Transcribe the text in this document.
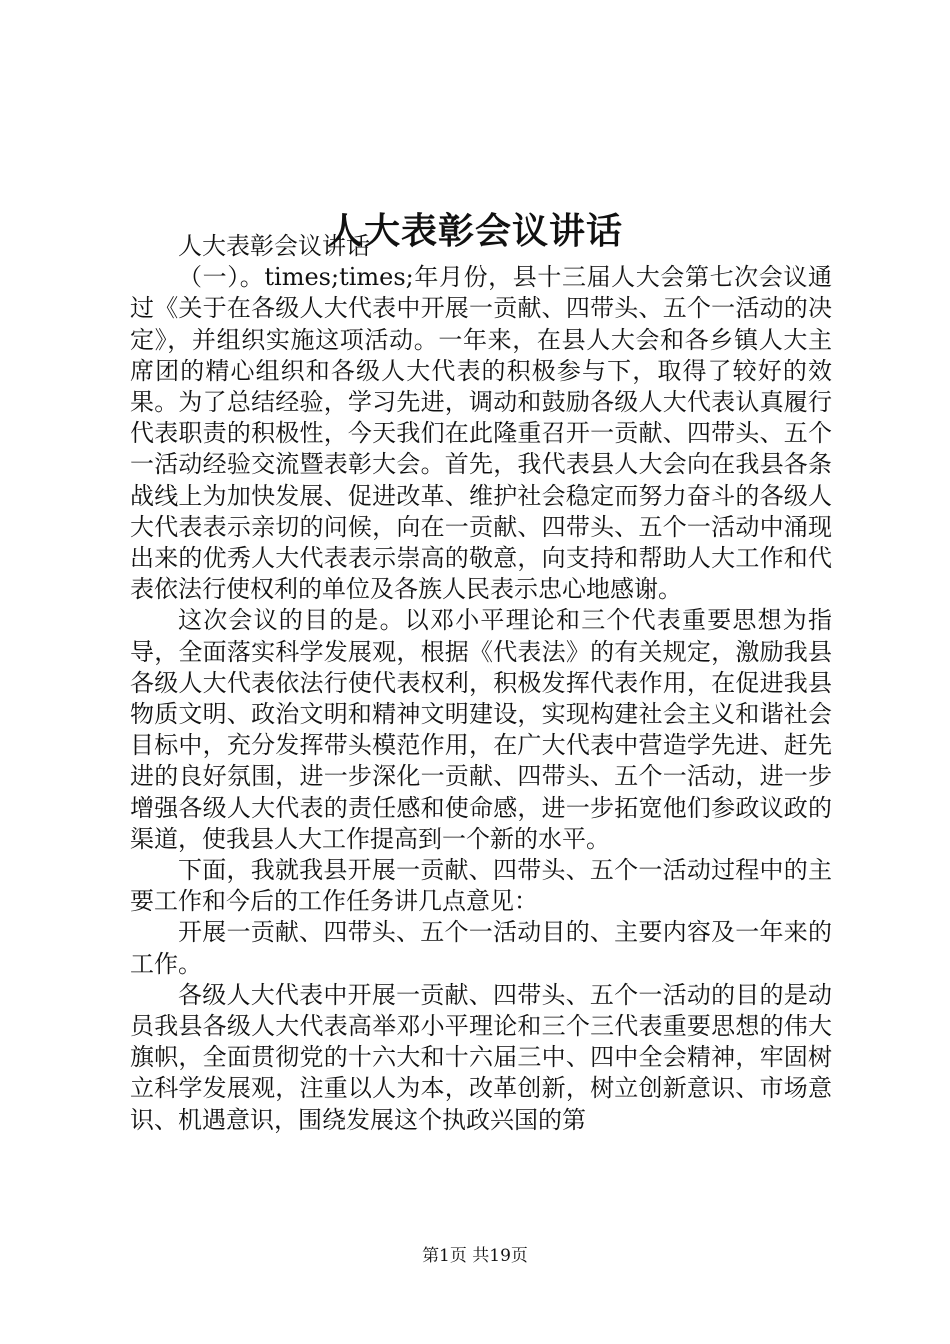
人大表彰会议讲话

人大表彰会议讲话

（一）。times;times;年月份，县十三届人大会第七次会议通过《关于在各级人大代表中开展一贡献、四带头、五个一活动的决定》，并组织实施这项活动。一年来，在县人大会和各乡镇人大主席团的精心组织和各级人大代表的积极参与下，取得了较好的效果。为了总结经验，学习先进，调动和鼓励各级人大代表认真履行代表职责的积极性，今天我们在此隆重召开一贡献、四带头、五个一活动经验交流暨表彰大会。首先，我代表县人大会向在我县各条战线上为加快发展、促进改革、维护社会稳定而努力奋斗的各级人大代表表示亲切的问候，向在一贡献、四带头、五个一活动中涌现出来的优秀人大代表表示崇高的敬意，向支持和帮助人大工作和代表依法行使权利的单位及各族人民表示忠心地感谢。

这次会议的目的是。以邓小平理论和三个代表重要思想为指导，全面落实科学发展观，根据《代表法》的有关规定，激励我县各级人大代表依法行使代表权利，积极发挥代表作用，在促进我县物质文明、政治文明和精神文明建设，实现构建社会主义和谐社会目标中，充分发挥带头模范作用，在广大代表中营造学先进、赶先进的良好氛围，进一步深化一贡献、四带头、五个一活动，进一步增强各级人大代表的责任感和使命感，进一步拓宽他们参政议政的渠道，使我县人大工作提高到一个新的水平。

下面，我就我县开展一贡献、四带头、五个一活动过程中的主要工作和今后的工作任务讲几点意见：

开展一贡献、四带头、五个一活动目的、主要内容及一年来的工作。

各级人大代表中开展一贡献、四带头、五个一活动的目的是动员我县各级人大代表高举邓小平理论和三个三代表重要思想的伟大旗帜，全面贯彻党的十六大和十六届三中、四中全会精神，牢固树立科学发展观，注重以人为本，改革创新，树立创新意识、市场意识、机遇意识，围绕发展这个执政兴国的第

第1页 共19页
